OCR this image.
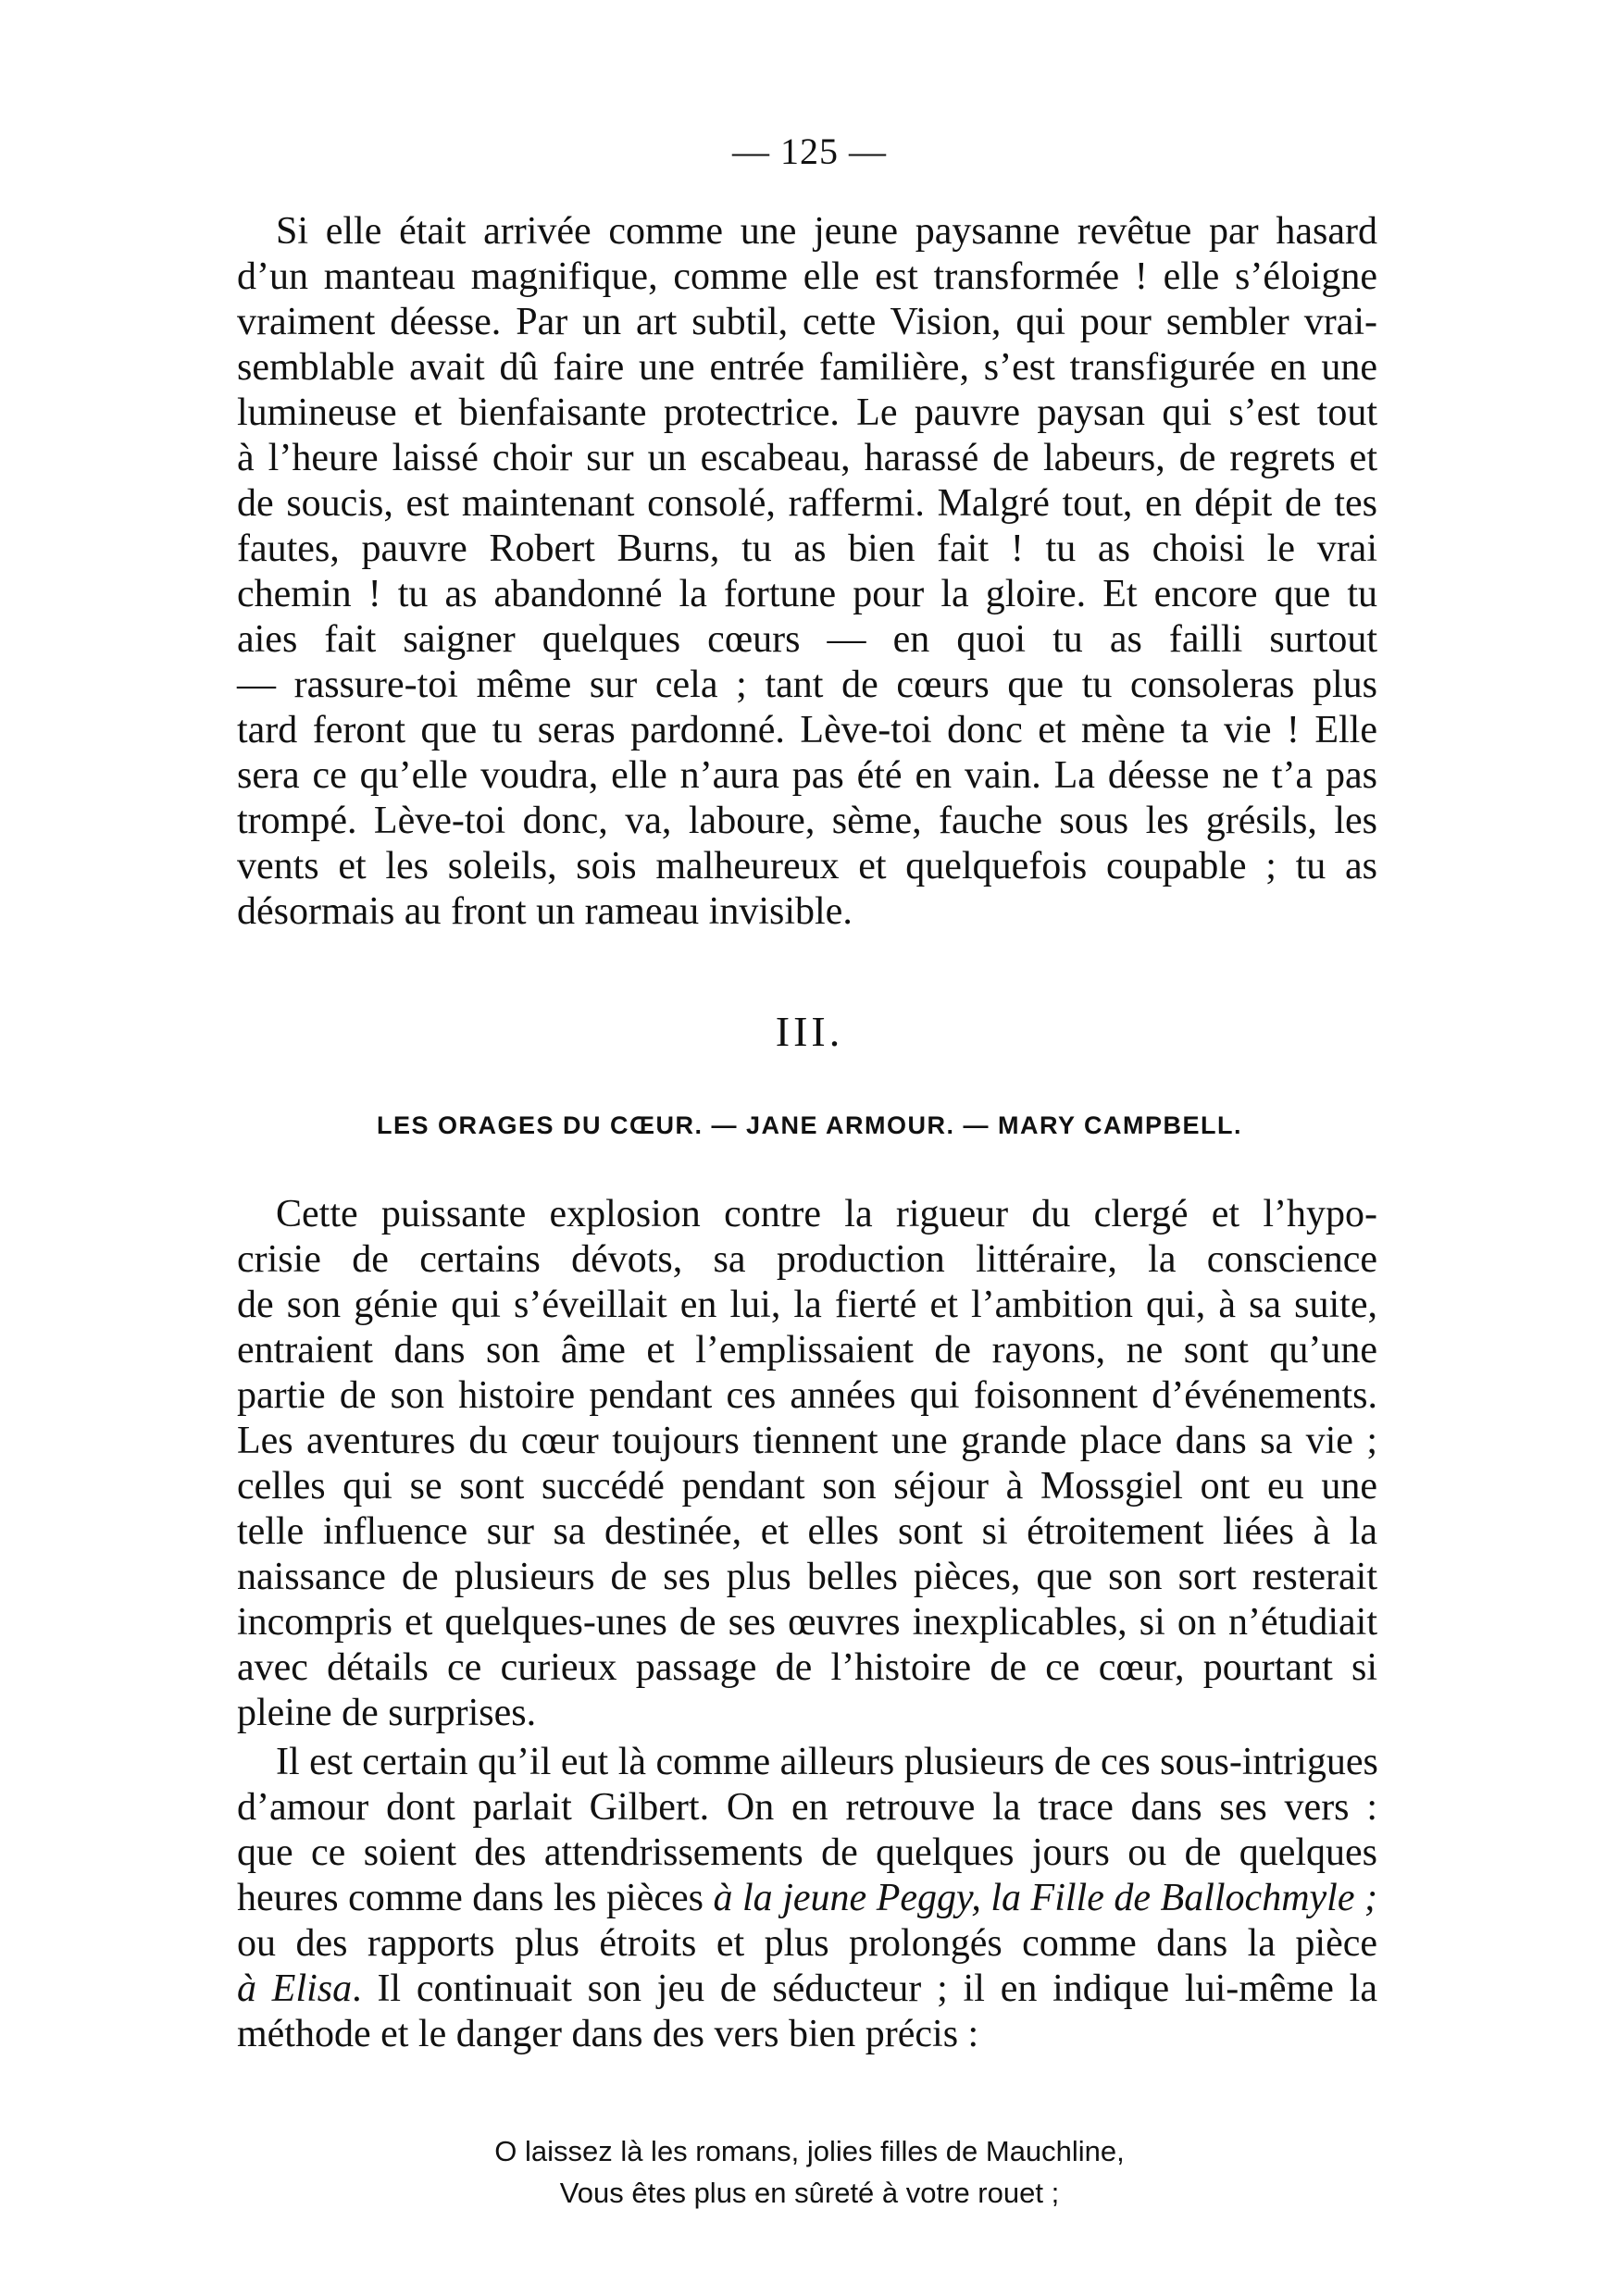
— 125 —

Si elle était arrivée comme une jeune paysanne revêtue par hasard
d’un manteau magnifique, comme elle est transformée ! elle s’éloigne
vraiment déesse. Par un art subtil, cette Vision, qui pour sembler vrai-
semblable avait dû faire une entrée familière, s’est transfigurée en une
lumineuse et bienfaisante protectrice. Le pauvre paysan qui s’est tout
à l’heure laissé choir sur un escabeau, harassé de labeurs, de regrets et
de soucis, est maintenant consolé, raffermi. Malgré tout, en dépit de tes
fautes, pauvre Robert Burns, tu as bien fait ! tu as choisi le vrai
chemin ! tu as abandonné la fortune pour la gloire. Et encore que tu
aies fait saigner quelques cœurs — en quoi tu as failli surtout
— rassure-toi même sur cela ; tant de cœurs que tu consoleras plus
tard feront que tu seras pardonné. Lève-toi donc et mène ta vie ! Elle
sera ce qu’elle voudra, elle n’aura pas été en vain. La déesse ne t’a pas
trompé. Lève-toi donc, va, laboure, sème, fauche sous les grésils, les
vents et les soleils, sois malheureux et quelquefois coupable ; tu as
désormais au front un rameau invisible.

III.
LES ORAGES DU CŒUR. — JANE ARMOUR. — MARY CAMPBELL.

Cette puissante explosion contre la rigueur du clergé et l’hypo-
crisie de certains dévots, sa production littéraire, la conscience
de son génie qui s’éveillait en lui, la fierté et l’ambition qui, à sa suite,
entraient dans son âme et l’emplissaient de rayons, ne sont qu’une
partie de son histoire pendant ces années qui foisonnent d’événements.
Les aventures du cœur toujours tiennent une grande place dans sa vie ;
celles qui se sont succédé pendant son séjour à Mossgiel ont eu une
telle influence sur sa destinée, et elles sont si étroitement liées à la
naissance de plusieurs de ses plus belles pièces, que son sort resterait
incompris et quelques-unes de ses œuvres inexplicables, si on n’étudiait
avec détails ce curieux passage de l’histoire de ce cœur, pourtant si
pleine de surprises.

Il est certain qu’il eut là comme ailleurs plusieurs de ces sous-intrigues
d’amour dont parlait Gilbert. On en retrouve la trace dans ses vers :
que ce soient des attendrissements de quelques jours ou de quelques
heures comme dans les pièces à la jeune Peggy, la Fille de Ballochmyle ;
ou des rapports plus étroits et plus prolongés comme dans la pièce
à Elisa. Il continuait son jeu de séducteur ; il en indique lui-même la
méthode et le danger dans des vers bien précis :

O laissez là les romans, jolies filles de Mauchline,
Vous êtes plus en sûreté à votre rouet ;
